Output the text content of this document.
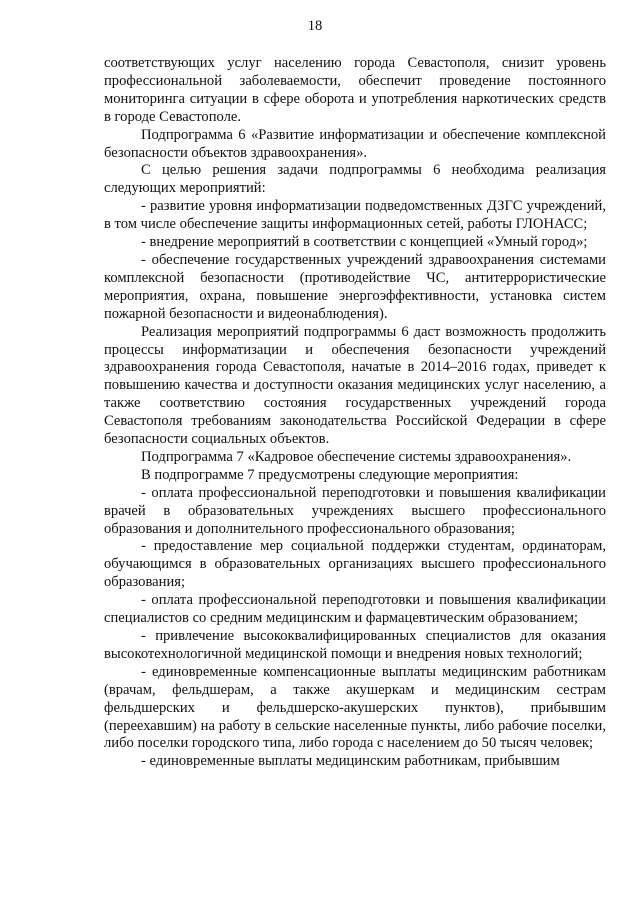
18

соответствующих услуг населению города Севастополя, снизит уровень профессиональной заболеваемости, обеспечит проведение постоянного мониторинга ситуации в сфере оборота и употребления наркотических средств в городе Севастополе.

Подпрограмма 6 «Развитие информатизации и обеспечение комплексной безопасности объектов здравоохранения».

С целью решения задачи подпрограммы 6 необходима реализация следующих мероприятий:

- развитие уровня информатизации подведомственных ДЗГС учреждений, в том числе обеспечение защиты информационных сетей, работы ГЛОНАСС;

- внедрение мероприятий в соответствии с концепцией «Умный город»;

- обеспечение государственных учреждений здравоохранения системами комплексной безопасности (противодействие ЧС, антитеррористические мероприятия, охрана, повышение энергоэффективности, установка систем пожарной безопасности и видеонаблюдения).

Реализация мероприятий подпрограммы 6 даст возможность продолжить процессы информатизации и обеспечения безопасности учреждений здравоохранения города Севастополя, начатые в 2014–2016 годах, приведет к повышению качества и доступности оказания медицинских услуг населению, а также соответствию состояния государственных учреждений города Севастополя требованиям законодательства Российской Федерации в сфере безопасности социальных объектов.

Подпрограмма 7 «Кадровое обеспечение системы здравоохранения».

В подпрограмме 7 предусмотрены следующие мероприятия:

- оплата профессиональной переподготовки и повышения квалификации врачей в образовательных учреждениях высшего профессионального образования и дополнительного профессионального образования;

- предоставление мер социальной поддержки студентам, ординаторам, обучающимся в образовательных организациях высшего профессионального образования;

- оплата профессиональной переподготовки и повышения квалификации специалистов со средним медицинским и фармацевтическим образованием;

- привлечение высококвалифицированных специалистов для оказания высокотехнологичной медицинской помощи и внедрения новых технологий;

- единовременные компенсационные выплаты медицинским работникам (врачам, фельдшерам, а также акушеркам и медицинским сестрам фельдшерских и фельдшерско-акушерских пунктов), прибывшим (переехавшим) на работу в сельские населенные пункты, либо рабочие поселки, либо поселки городского типа, либо города с населением до 50 тысяч человек;

- единовременные выплаты медицинским работникам, прибывшим
